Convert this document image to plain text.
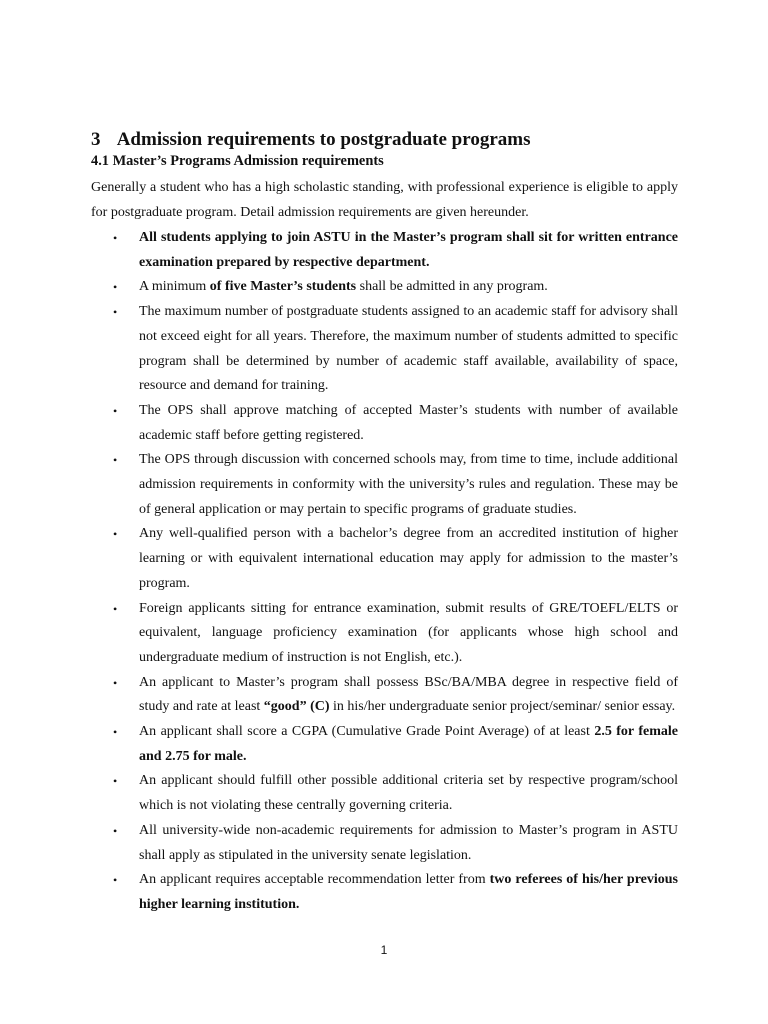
3 Admission requirements to postgraduate programs
4.1 Master’s Programs Admission requirements

Generally a student who has a high scholastic standing, with professional experience is eligible to apply for postgraduate program. Detail admission requirements are given hereunder.

• All students applying to join ASTU in the Master’s program shall sit for written entrance examination prepared by respective department.
• A minimum of five Master’s students shall be admitted in any program.
• The maximum number of postgraduate students assigned to an academic staff for advisory shall not exceed eight for all years. Therefore, the maximum number of students admitted to specific program shall be determined by number of academic staff available, availability of space, resource and demand for training.
• The OPS shall approve matching of accepted Master’s students with number of available academic staff before getting registered.
• The OPS through discussion with concerned schools may, from time to time, include additional admission requirements in conformity with the university’s rules and regulation. These may be of general application or may pertain to specific programs of graduate studies.
• Any well-qualified person with a bachelor’s degree from an accredited institution of higher learning or with equivalent international education may apply for admission to the master’s program.
• Foreign applicants sitting for entrance examination, submit results of GRE/TOEFL/ELTS or equivalent, language proficiency examination (for applicants whose high school and undergraduate medium of instruction is not English, etc.).
• An applicant to Master’s program shall possess BSc/BA/MBA degree in respective field of study and rate at least “good” (C) in his/her undergraduate senior project/seminar/ senior essay.
• An applicant shall score a CGPA (Cumulative Grade Point Average) of at least 2.5 for female and 2.75 for male.
• An applicant should fulfill other possible additional criteria set by respective program/school which is not violating these centrally governing criteria.
• All university-wide non-academic requirements for admission to Master’s program in ASTU shall apply as stipulated in the university senate legislation.
• An applicant requires acceptable recommendation letter from two referees of his/her previous higher learning institution.
1
